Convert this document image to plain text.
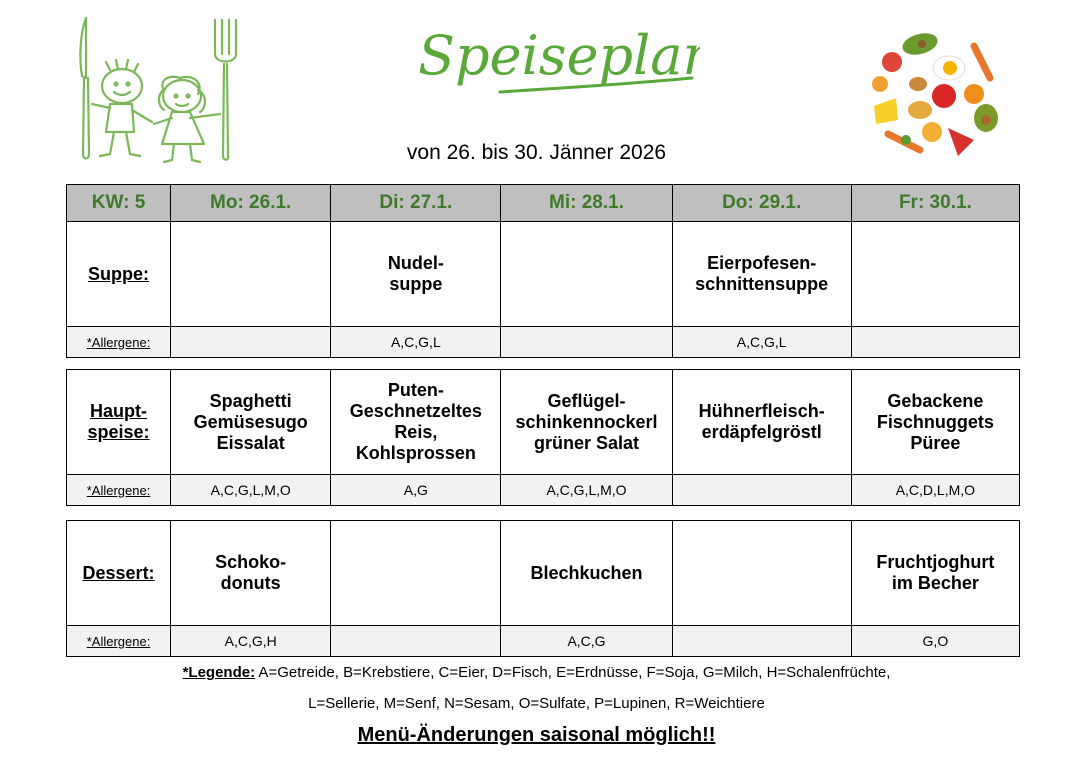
Speiseplan
von 26. bis 30. Jänner 2026
KW: 5	Mo: 26.1.	Di: 27.1.	Mi: 28.1.	Do: 29.1.	Fr: 30.1.
Suppe:		Nudel-
suppe		Eierpofesen-
schnittensuppe	
*Allergene:		A,C,G,L		A,C,G,L	
Haupt-
speise:	Spaghetti
Gemüsesugo
Eissalat	Puten-
Geschnetzeltes
Reis,
Kohlsprossen	Geflügel-
schinkennockerl
grüner Salat	Hühnerfleisch-
erdäpfelgröstl	Gebackene
Fischnuggets
Püree
*Allergene:	A,C,G,L,M,O	A,G	A,C,G,L,M,O		A,C,D,L,M,O
Dessert:	Schoko-
donuts		Blechkuchen		Fruchtjoghurt
im Becher
*Allergene:	A,C,G,H		A,C,G		G,O
*Legende: A=Getreide, B=Krebstiere, C=Eier, D=Fisch, E=Erdnüsse, F=Soja, G=Milch, H=Schalenfrüchte,
L=Sellerie, M=Senf, N=Sesam, O=Sulfate, P=Lupinen, R=Weichtiere
Menü-Änderungen saisonal möglich!!
